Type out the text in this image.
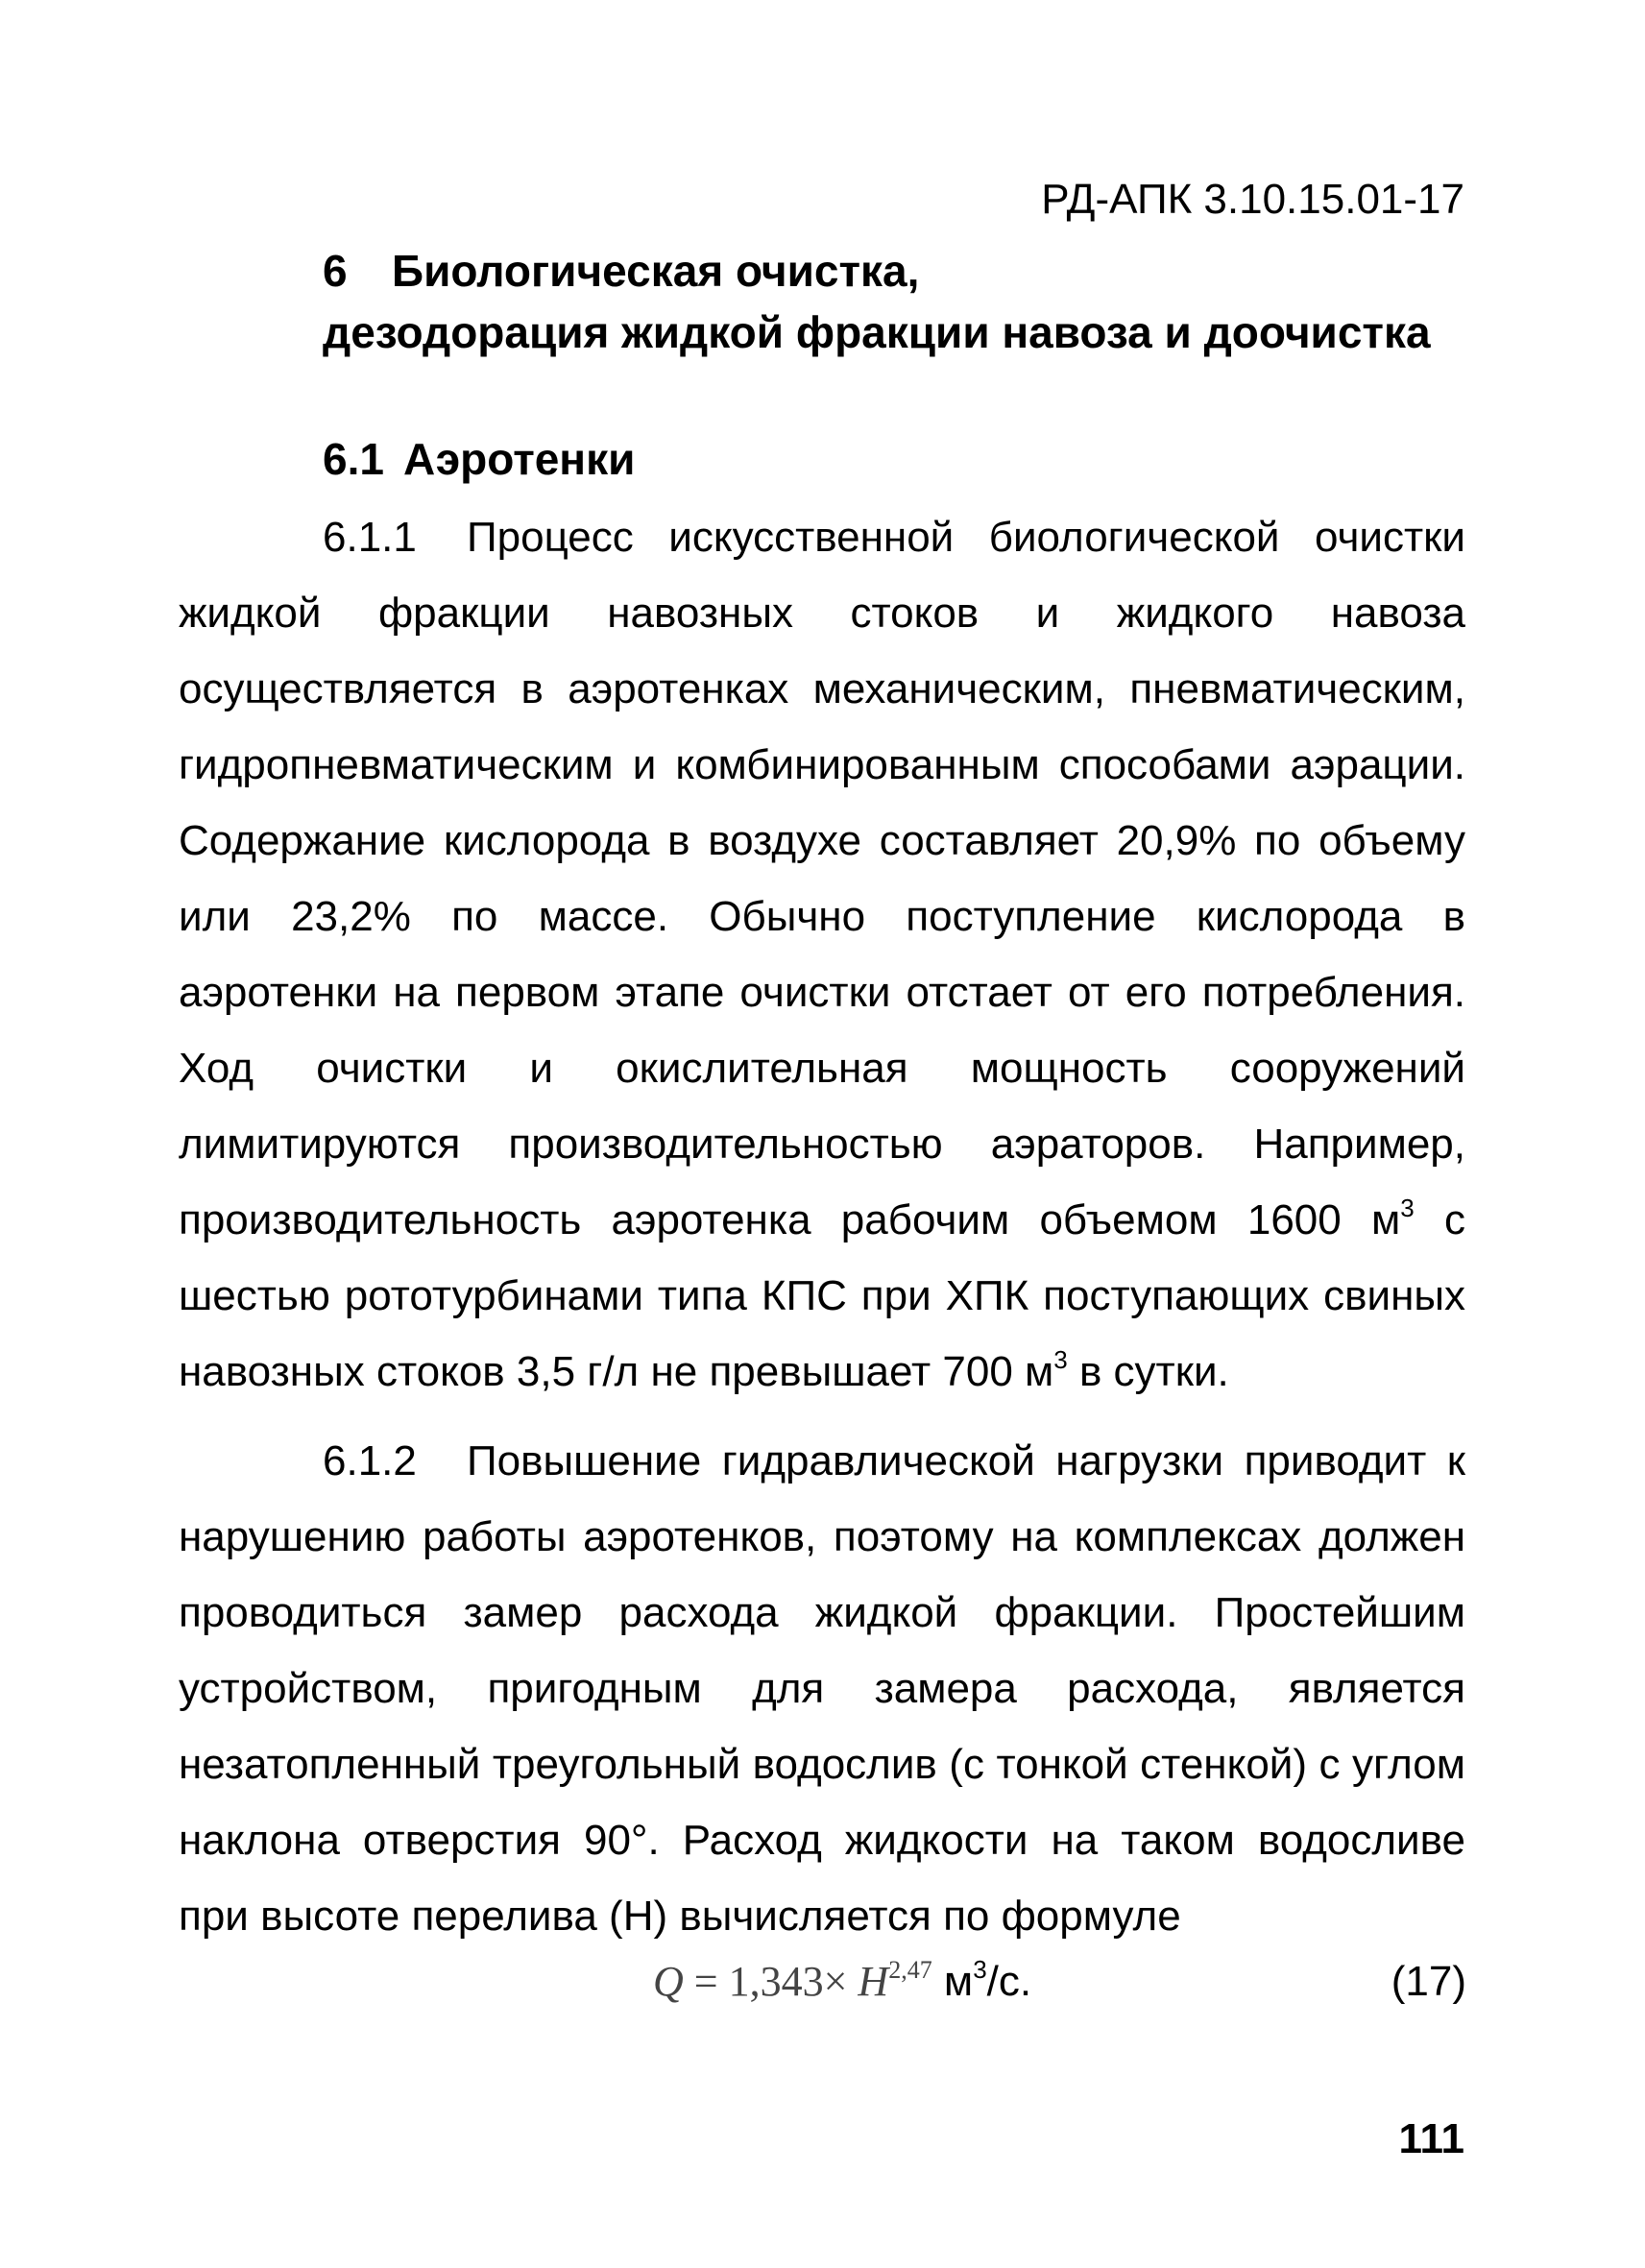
РД-АПК 3.10.15.01-17
6 Биологическая очистка,
дезодорация жидкой фракции навоза и доочистка
6.1 Аэротенки

6.1.1 Процесс искусственной биологической очистки жидкой фракции навозных стоков и жидкого навоза осуществляется в аэротенках механическим, пневматическим, гидропневматическим и комбинированным способами аэрации. Содержание кислорода в воздухе составляет 20,9% по объему или 23,2% по массе. Обычно поступление кислорода в аэротенки на первом этапе очистки отстает от его потребления. Ход очистки и окислительная мощность сооружений лимитируются производительностью аэраторов. Например, производительность аэротенка рабочим объемом 1600 $м^3$ с шестью рототурбинами типа КПС при ХПК поступающих свиных навозных стоков 3,5 г/л не превышает 700 $м^3$ в сутки.

6.1.2 Повышение гидравлической нагрузки приводит к нарушению работы аэротенков, поэтому на комплексах должен проводиться замер расхода жидкой фракции. Простейшим устройством, пригодным для замера расхода, является незатопленный треугольный водослив (с тонкой стенкой) с углом наклона отверстия 90°. Расход жидкости на таком водосливе при высоте перелива (Н) вычисляется по формуле

Q = 1,343× H$^{2,47}$ $м^3/с$.	(17)
111
